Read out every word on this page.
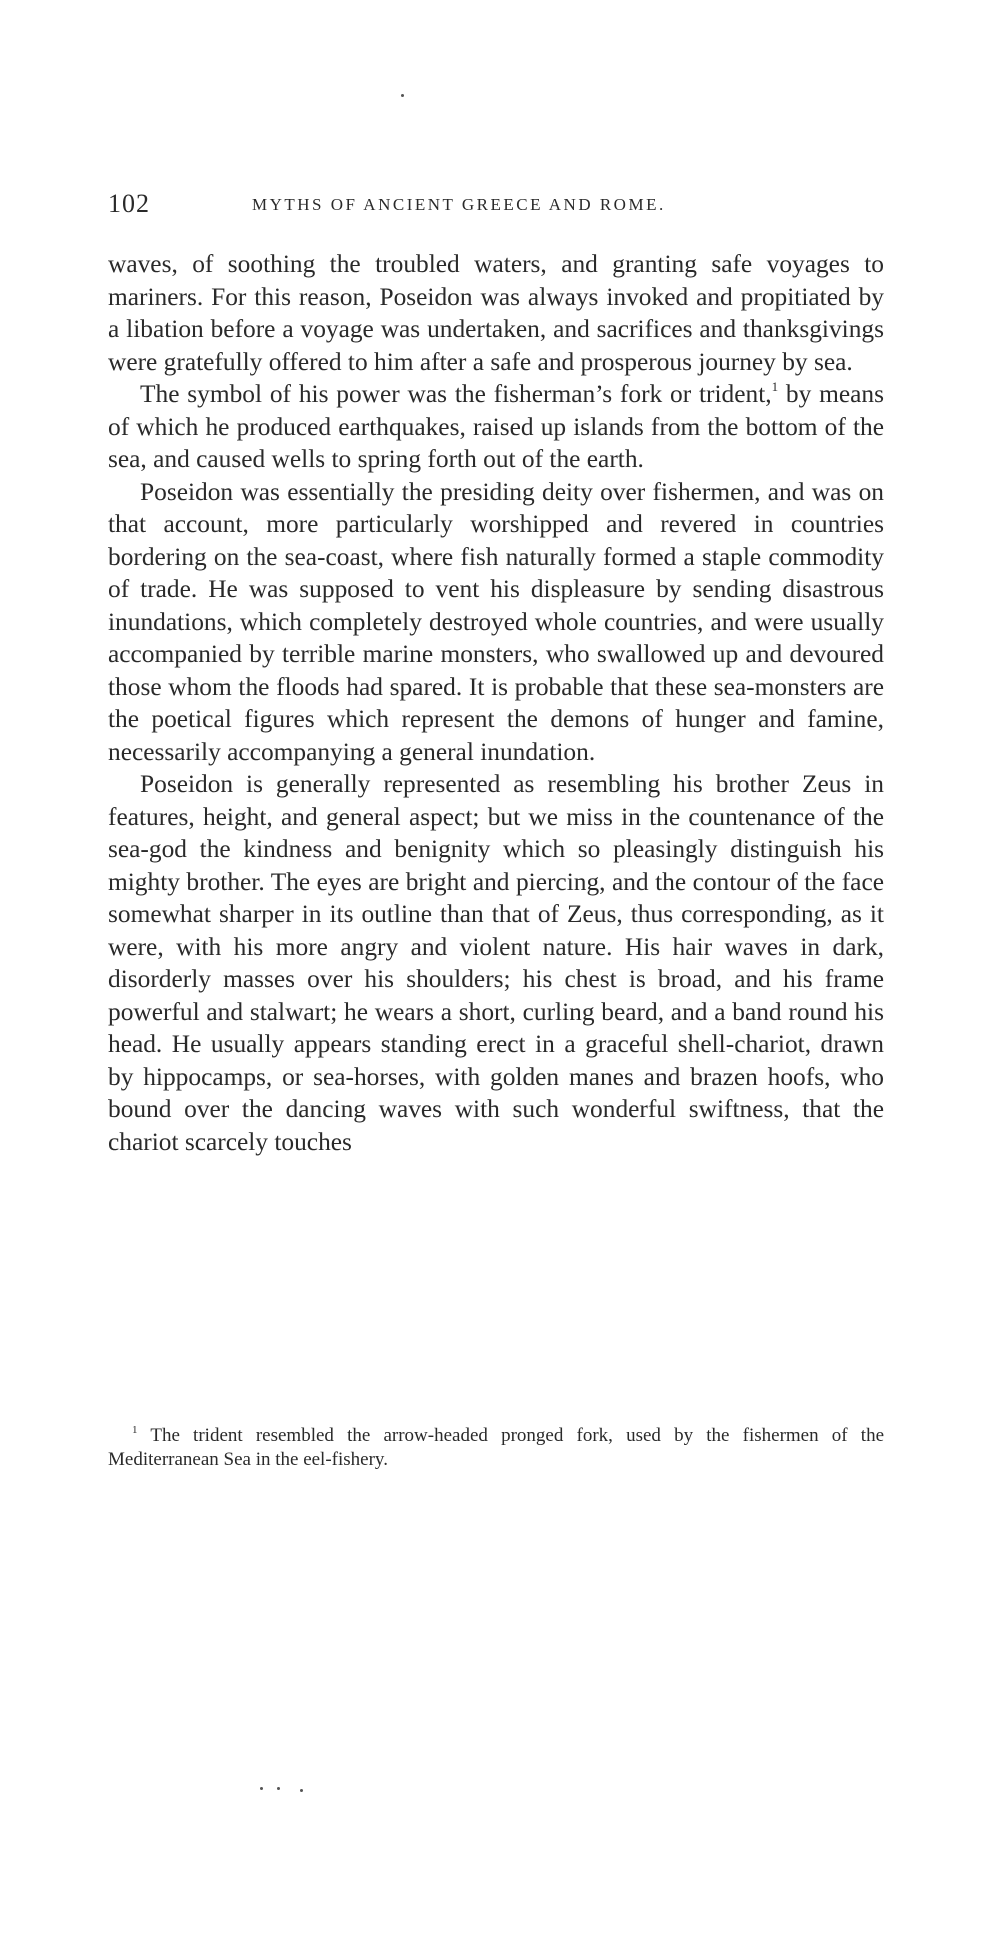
102	MYTHS OF ANCIENT GREECE AND ROME.

waves, of soothing the troubled waters, and granting safe voyages to mariners. For this reason, Poseidon was always invoked and propitiated by a libation before a voyage was undertaken, and sacrifices and thanksgivings were gratefully offered to him after a safe and prosperous journey by sea.

The symbol of his power was the fisherman’s fork or trident,$^1$ by means of which he produced earthquakes, raised up islands from the bottom of the sea, and caused wells to spring forth out of the earth.

Poseidon was essentially the presiding deity over fishermen, and was on that account, more particularly worshipped and revered in countries bordering on the sea-coast, where fish naturally formed a staple commodity of trade. He was supposed to vent his displeasure by sending disastrous inundations, which completely destroyed whole countries, and were usually accompanied by terrible marine monsters, who swallowed up and devoured those whom the floods had spared. It is probable that these sea-monsters are the poetical figures which represent the demons of hunger and famine, necessarily accompanying a general inundation.

Poseidon is generally represented as resembling his brother Zeus in features, height, and general aspect; but we miss in the countenance of the sea-god the kindness and benignity which so pleasingly distinguish his mighty brother. The eyes are bright and piercing, and the contour of the face somewhat sharper in its outline than that of Zeus, thus corresponding, as it were, with his more angry and violent nature. His hair waves in dark, disorderly masses over his shoulders; his chest is broad, and his frame powerful and stalwart; he wears a short, curling beard, and a band round his head. He usually appears standing erect in a graceful shell-chariot, drawn by hippocamps, or sea-horses, with golden manes and brazen hoofs, who bound over the dancing waves with such wonderful swiftness, that the chariot scarcely touches

$^1$ The trident resembled the arrow-headed pronged fork, used by the fishermen of the Mediterranean Sea in the eel-fishery.
